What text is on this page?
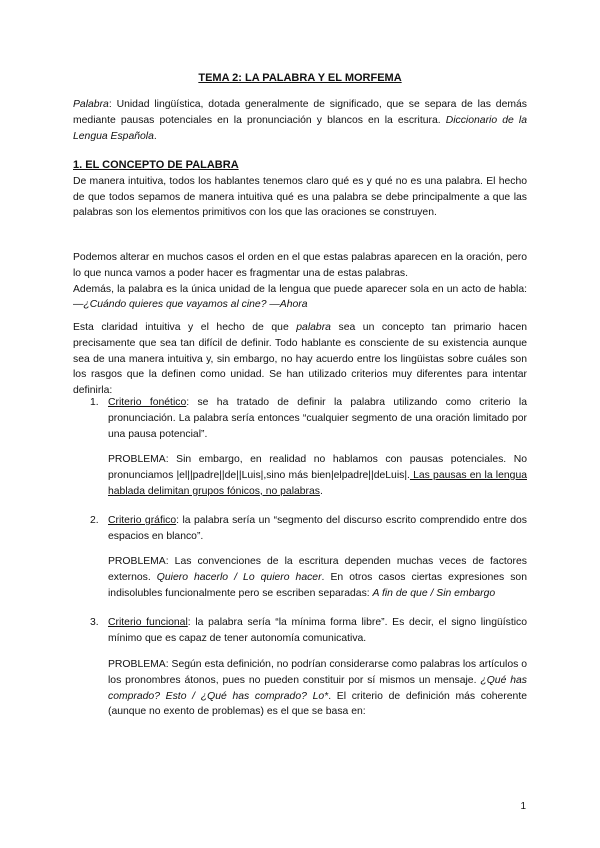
TEMA 2: LA PALABRA Y EL MORFEMA
Palabra: Unidad lingüística, dotada generalmente de significado, que se separa de las demás mediante pausas potenciales en la pronunciación y blancos en la escritura. Diccionario de la Lengua Española.
1. EL CONCEPTO DE PALABRA
De manera intuitiva, todos los hablantes tenemos claro qué es y qué no es una palabra. El hecho de que todos sepamos de manera intuitiva qué es una palabra se debe principalmente a que las palabras son los elementos primitivos con los que las oraciones se construyen.
Podemos alterar en muchos casos el orden en el que estas palabras aparecen en la oración, pero lo que nunca vamos a poder hacer es fragmentar una de estas palabras.
Además, la palabra es la única unidad de la lengua que puede aparecer sola en un acto de habla: —¿Cuándo quieres que vayamos al cine? —Ahora
Esta claridad intuitiva y el hecho de que palabra sea un concepto tan primario hacen precisamente que sea tan difícil de definir. Todo hablante es consciente de su existencia aunque sea de una manera intuitiva y, sin embargo, no hay acuerdo entre los lingüistas sobre cuáles son los rasgos que la definen como unidad. Se han utilizado criterios muy diferentes para intentar definirla:
1. Criterio fonético: se ha tratado de definir la palabra utilizando como criterio la pronunciación. La palabra sería entonces “cualquier segmento de una oración limitado por una pausa potencial”.
PROBLEMA: Sin embargo, en realidad no hablamos con pausas potenciales. No pronunciamos |el||padre||de||Luis|,sino más bien|elpadre||deLuis|. Las pausas en la lengua hablada delimitan grupos fónicos, no palabras.
2. Criterio gráfico: la palabra sería un “segmento del discurso escrito comprendido entre dos espacios en blanco”.
PROBLEMA: Las convenciones de la escritura dependen muchas veces de factores externos. Quiero hacerlo / Lo quiero hacer. En otros casos ciertas expresiones son indisolubles funcionalmente pero se escriben separadas: A fin de que / Sin embargo
3. Criterio funcional: la palabra sería “la mínima forma libre”. Es decir, el signo lingüístico mínimo que es capaz de tener autonomía comunicativa.
PROBLEMA: Según esta definición, no podrían considerarse como palabras los artículos o los pronombres átonos, pues no pueden constituir por sí mismos un mensaje. ¿Qué has comprado? Esto / ¿Qué has comprado? Lo*. El criterio de definición más coherente (aunque no exento de problemas) es el que se basa en:
1
